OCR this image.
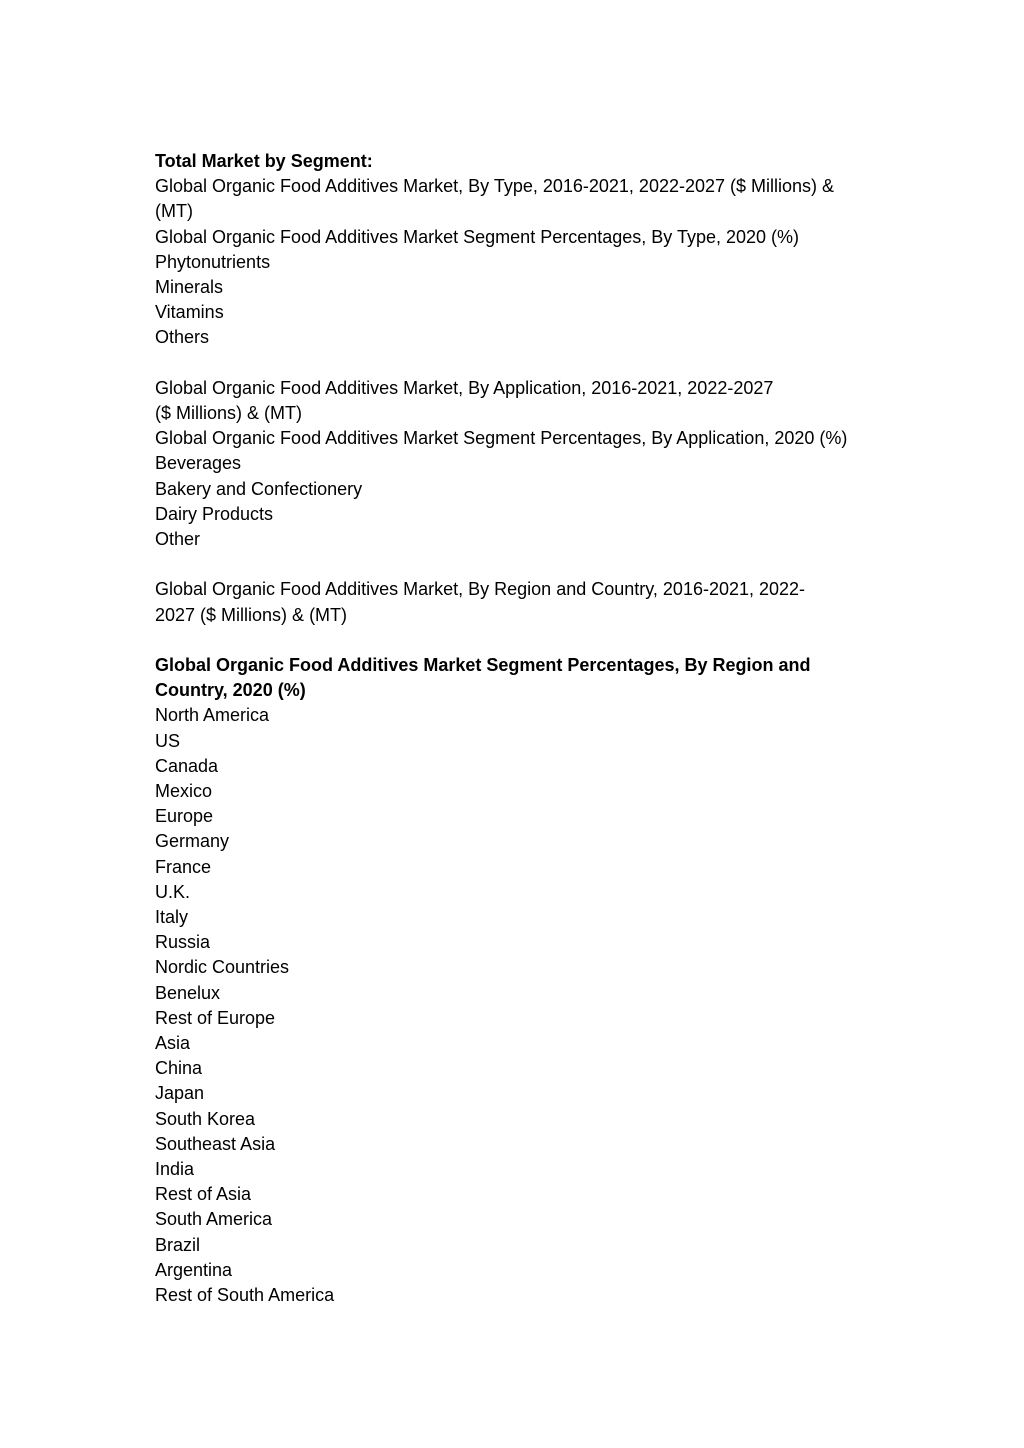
Total Market by Segment:
Global Organic Food Additives Market, By Type, 2016-2021, 2022-2027 ($ Millions) &
(MT)
Global Organic Food Additives Market Segment Percentages, By Type, 2020 (%)
Phytonutrients
Minerals
Vitamins
Others
Global Organic Food Additives Market, By Application, 2016-2021, 2022-2027
($ Millions) & (MT)
Global Organic Food Additives Market Segment Percentages, By Application, 2020 (%)
Beverages
Bakery and Confectionery
Dairy Products
Other
Global Organic Food Additives Market, By Region and Country, 2016-2021, 2022-
2027 ($ Millions) & (MT)
Global Organic Food Additives Market Segment Percentages, By Region and
Country, 2020 (%)
North America
US
Canada
Mexico
Europe
Germany
France
U.K.
Italy
Russia
Nordic Countries
Benelux
Rest of Europe
Asia
China
Japan
South Korea
Southeast Asia
India
Rest of Asia
South America
Brazil
Argentina
Rest of South America
